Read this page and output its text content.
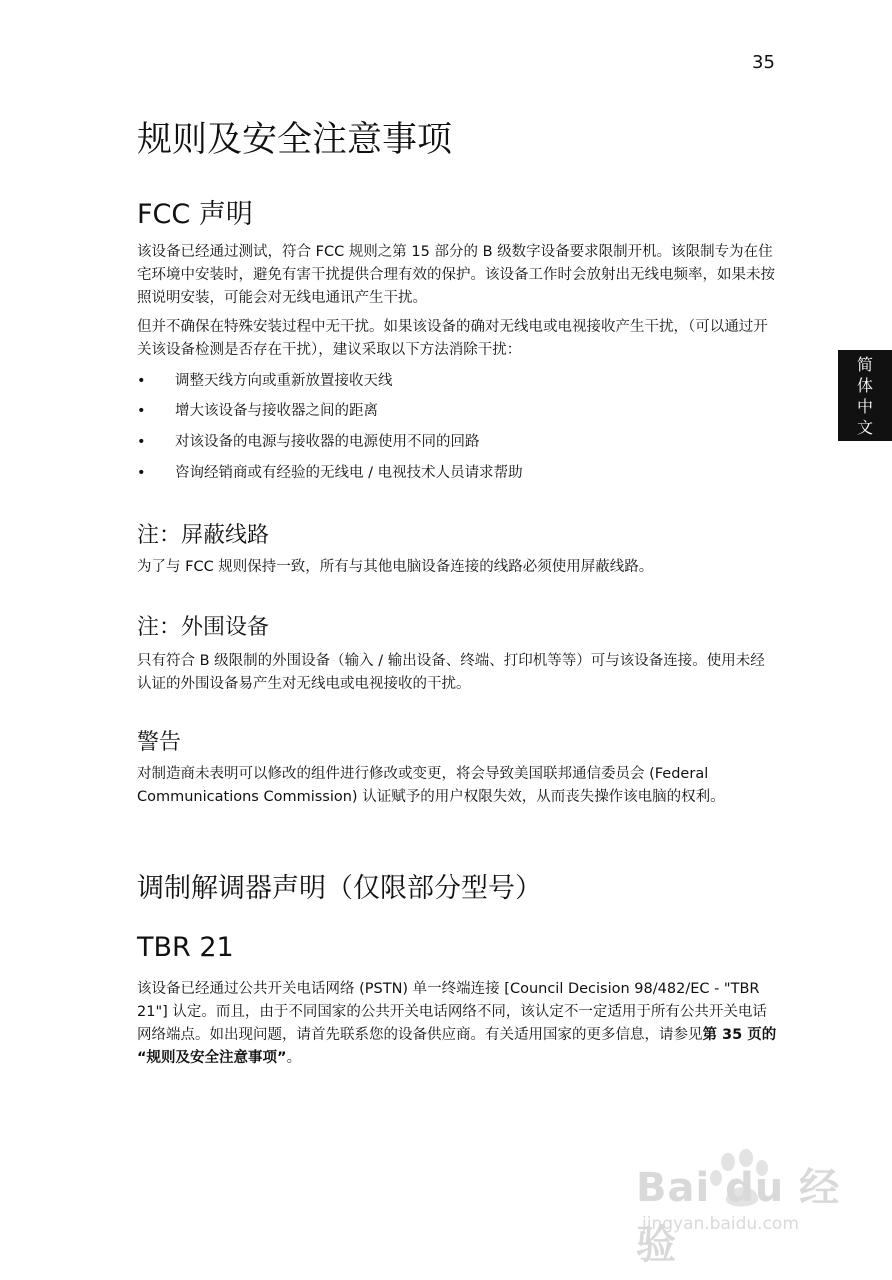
35
简
体
中
文
规则及安全注意事项
FCC 声明

该设备已经通过测试，符合 FCC 规则之第 15 部分的 B 级数字设备要求限制开机。该限制专为在住宅环境中安装时，避免有害干扰提供合理有效的保护。该设备工作时会放射出无线电频率，如果未按照说明安装，可能会对无线电通讯产生干扰。

但并不确保在特殊安装过程中无干扰。如果该设备的确对无线电或电视接收产生干扰，（可以通过开关该设备检测是否存在干扰），建议采取以下方法消除干扰：

• 调整天线方向或重新放置接收天线
• 增大该设备与接收器之间的距离
• 对该设备的电源与接收器的电源使用不同的回路
• 咨询经销商或有经验的无线电 / 电视技术人员请求帮助
注：屏蔽线路

为了与 FCC 规则保持一致，所有与其他电脑设备连接的线路必须使用屏蔽线路。

注：外围设备

只有符合 B 级限制的外围设备（输入 / 输出设备、终端、打印机等等）可与该设备连接。使用未经认证的外围设备易产生对无线电或电视接收的干扰。

警告

对制造商未表明可以修改的组件进行修改或变更，将会导致美国联邦通信委员会 (Federal Communications Commission) 认证赋予的用户权限失效，从而丧失操作该电脑的权利。

调制解调器声明（仅限部分型号）
TBR 21

该设备已经通过公共开关电话网络 (PSTN) 单一终端连接 [Council Decision 98/482/EC - "TBR 21"] 认定。而且，由于不同国家的公共开关电话网络不同，该认定不一定适用于所有公共开关电话网络端点。如出现问题，请首先联系您的设备供应商。有关适用国家的更多信息，请参见第 35 页的 “规则及安全注意事项”。

Bai du 经验
jingyan.baidu.com
